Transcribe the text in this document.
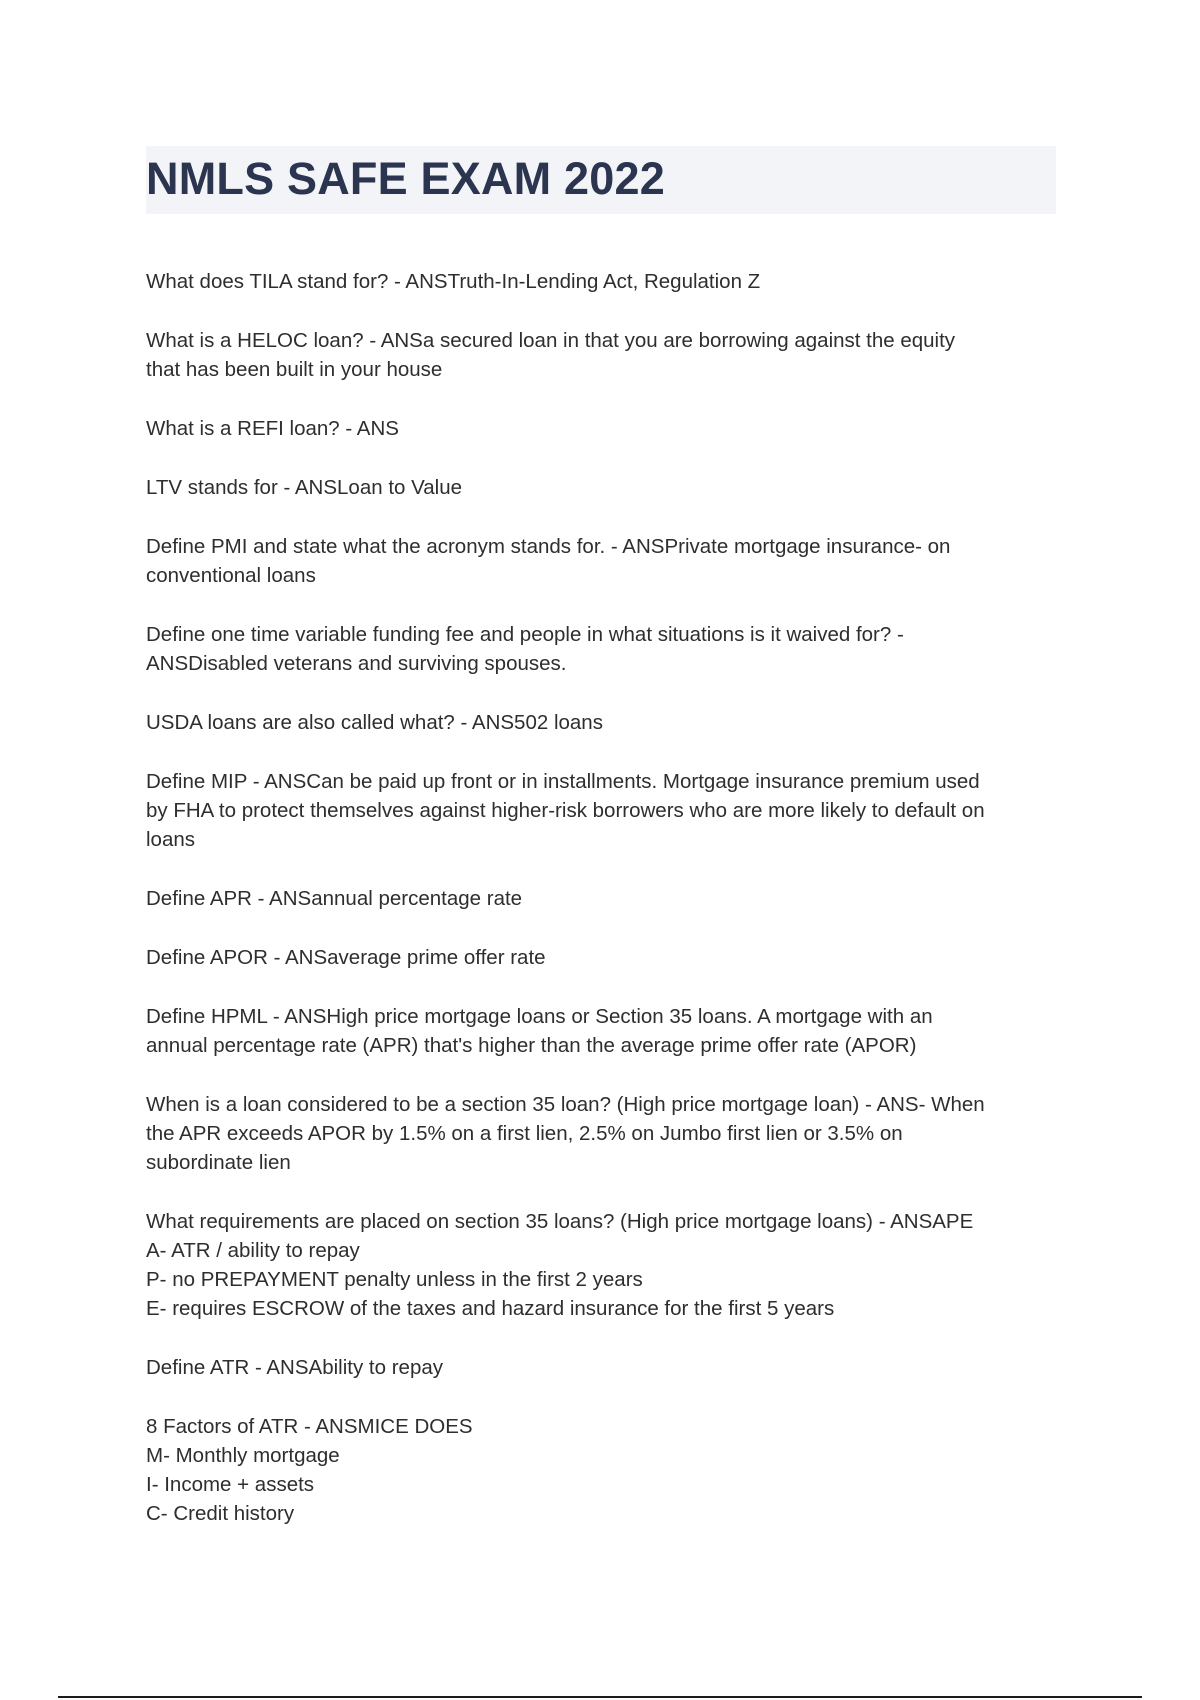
NMLS SAFE EXAM 2022
What does TILA stand for? - ANSTruth-In-Lending Act, Regulation Z
What is a HELOC loan? - ANSa secured loan in that you are borrowing against the equity
that has been built in your house
What is a REFI loan? - ANS
LTV stands for - ANSLoan to Value
Define PMI and state what the acronym stands for. - ANSPrivate mortgage insurance- on
conventional loans
Define one time variable funding fee and people in what situations is it waived for? -
ANSDisabled veterans and surviving spouses.
USDA loans are also called what? - ANS502 loans
Define MIP - ANSCan be paid up front or in installments. Mortgage insurance premium used
by FHA to protect themselves against higher-risk borrowers who are more likely to default on
loans
Define APR - ANSannual percentage rate
Define APOR - ANSaverage prime offer rate
Define HPML - ANSHigh price mortgage loans or Section 35 loans. A mortgage with an
annual percentage rate (APR) that's higher than the average prime offer rate (APOR)
When is a loan considered to be a section 35 loan? (High price mortgage loan) - ANS- When
the APR exceeds APOR by 1.5% on a first lien, 2.5% on Jumbo first lien or 3.5% on
subordinate lien
What requirements are placed on section 35 loans? (High price mortgage loans) - ANSAPE
A- ATR / ability to repay
P- no PREPAYMENT penalty unless in the first 2 years
E- requires ESCROW of the taxes and hazard insurance for the first 5 years
Define ATR - ANSAbility to repay
8 Factors of ATR - ANSMICE DOES
M- Monthly mortgage
I- Income + assets
C- Credit history
